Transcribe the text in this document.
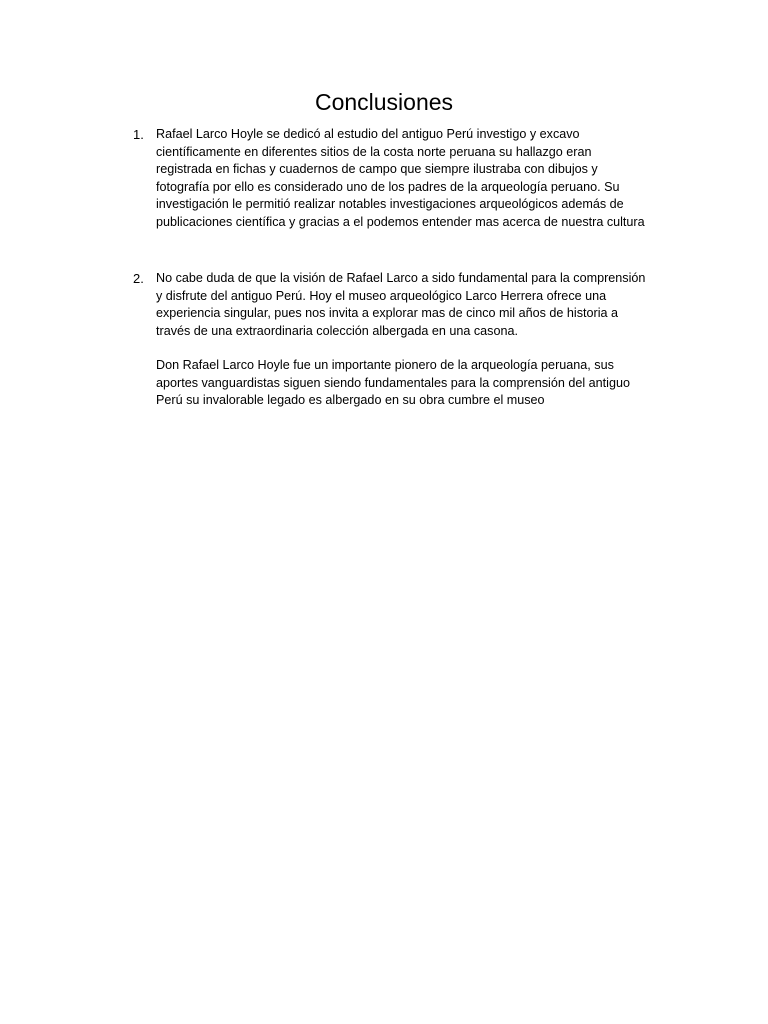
Conclusiones
1. Rafael Larco Hoyle se dedicó al estudio del antiguo Perú investigo y excavo
científicamente en diferentes sitios de la costa norte peruana su hallazgo eran
registrada en fichas y cuadernos de campo que siempre ilustraba con dibujos y
fotografía por ello es considerado uno de los padres de la arqueología peruano. Su
investigación le permitió realizar notables investigaciones arqueológicos además de
publicaciones científica y gracias a el podemos entender mas acerca de nuestra cultura
2. No cabe duda de que la visión de Rafael Larco a sido fundamental para la comprensión
y disfrute del antiguo Perú. Hoy el museo arqueológico Larco Herrera ofrece una
experiencia singular, pues nos invita a explorar mas de cinco mil años de historia a
través de una extraordinaria colección albergada en una casona.
Don Rafael Larco Hoyle fue un importante pionero de la arqueología peruana, sus
aportes vanguardistas siguen siendo fundamentales para la comprensión del antiguo
Perú su invalorable legado es albergado en su obra cumbre el museo
